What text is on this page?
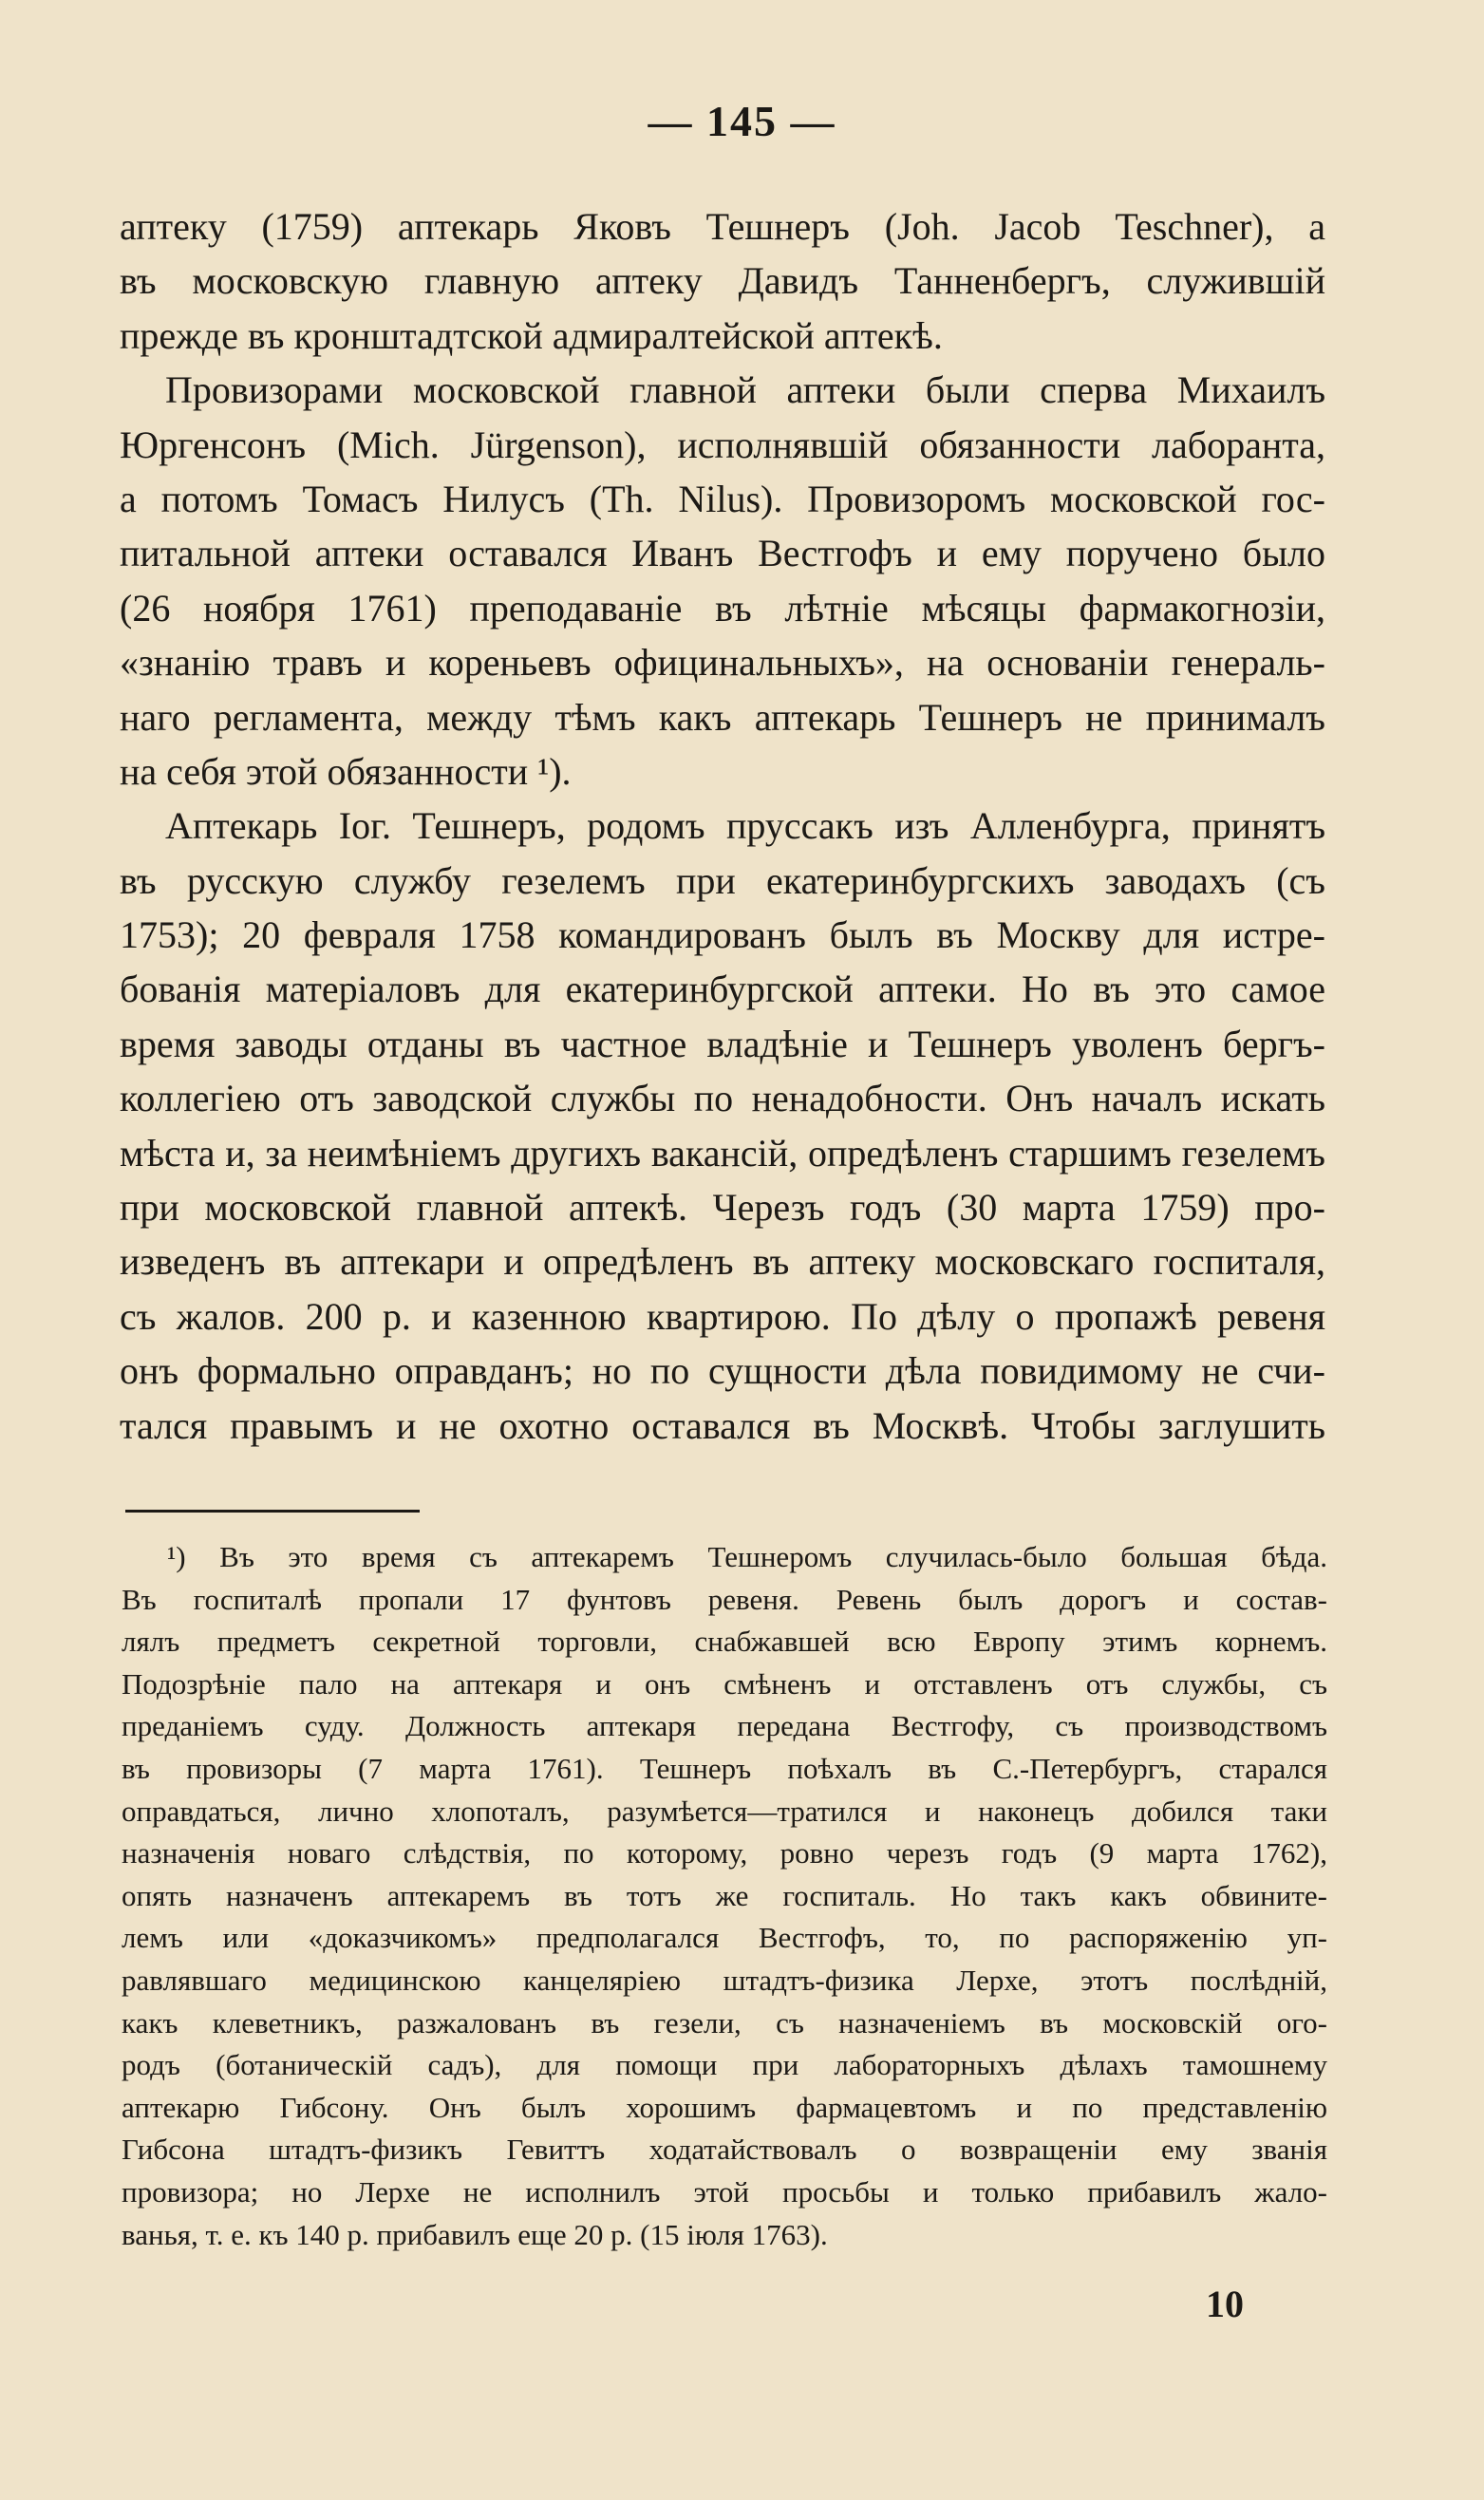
— 145 —
аптеку (1759) аптекарь Яковъ Тешнеръ (Joh. Jacob Teschner), а
въ московскую главную аптеку Давидъ Танненбергъ, служившій
прежде въ кронштадтской адмиралтейской аптекѣ.
Провизорами московской главной аптеки были сперва Михаилъ
Юргенсонъ (Mich. Jürgenson), исполнявшій обязанности лаборанта,
а потомъ Томасъ Нилусъ (Th. Nilus). Провизоромъ московской гос-
питальной аптеки оставался Иванъ Вестгофъ и ему поручено было
(26 ноября 1761) преподаваніе въ лѣтніе мѣсяцы фармакогнозіи,
«знанію травъ и кореньевъ официнальныхъ», на основаніи генераль-
наго регламента, между тѣмъ какъ аптекарь Тешнеръ не принималъ
на себя этой обязанности ¹).
Аптекарь Іог. Тешнеръ, родомъ пруссакъ изъ Алленбурга, принятъ
въ русскую службу гезелемъ при екатеринбургскихъ заводахъ (съ
1753); 20 февраля 1758 командированъ былъ въ Москву для истре-
бованія матеріаловъ для екатеринбургской аптеки. Но въ это самое
время заводы отданы въ частное владѣніе и Тешнеръ уволенъ бергъ-
коллегіею отъ заводской службы по ненадобности. Онъ началъ искать
мѣста и, за неимѣніемъ другихъ вакансій, опредѣленъ старшимъ гезелемъ
при московской главной аптекѣ. Черезъ годъ (30 марта 1759) про-
изведенъ въ аптекари и опредѣленъ въ аптеку московскаго госпиталя,
съ жалов. 200 р. и казенною квартирою. По дѣлу о пропажѣ ревеня
онъ формально оправданъ; но по сущности дѣла повидимому не счи-
тался правымъ и не охотно оставался въ Москвѣ. Чтобы заглушить
¹) Въ это время съ аптекаремъ Тешнеромъ случилась-было большая бѣда.
Въ госпиталѣ пропали 17 фунтовъ ревеня. Ревень былъ дорогъ и состав-
лялъ предметъ секретной торговли, снабжавшей всю Европу этимъ корнемъ.
Подозрѣніе пало на аптекаря и онъ смѣненъ и отставленъ отъ службы, съ
преданіемъ суду. Должность аптекаря передана Вестгофу, съ производствомъ
въ провизоры (7 марта 1761). Тешнеръ поѣхалъ въ С.-Петербургъ, старался
оправдаться, лично хлопоталъ, разумѣется—тратился и наконецъ добился таки
назначенія новаго слѣдствія, по которому, ровно черезъ годъ (9 марта 1762),
опять назначенъ аптекаремъ въ тотъ же госпиталь. Но такъ какъ обвините-
лемъ или «доказчикомъ» предполагался Вестгофъ, то, по распоряженію уп-
равлявшаго медицинскою канцеляріею штадтъ-физика Лерхе, этотъ послѣдній,
какъ клеветникъ, разжалованъ въ гезели, съ назначеніемъ въ московскій ого-
родъ (ботаническій садъ), для помощи при лабораторныхъ дѣлахъ тамошнему
аптекарю Гибсону. Онъ былъ хорошимъ фармацевтомъ и по представленію
Гибсона штадтъ-физикъ Гевиттъ ходатайствовалъ о возвращеніи ему званія
провизора; но Лерхе не исполнилъ этой просьбы и только прибавилъ жало-
ванья, т. е. къ 140 р. прибавилъ еще 20 р. (15 іюля 1763).
10
